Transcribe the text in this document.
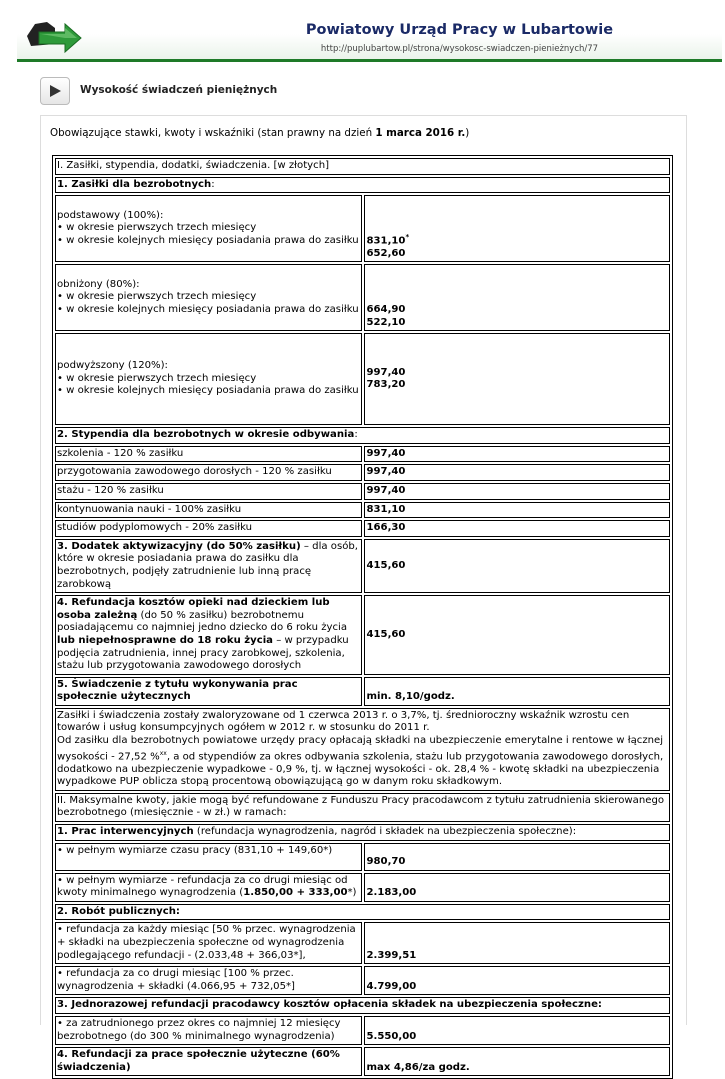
Powiatowy Urząd Pracy w Lubartowie
http://puplubartow.pl/strona/wysokosc-swiadczen-pienieżnych/77
Wysokość świadczeń pieniężnych
Obowiązujące stawki, kwoty i wskaźniki (stan prawny na dzień 1 marca 2016 r.)
I. Zasiłki, stypendia, dodatki, świadczenia. [w złotych]	
1. Zasiłki dla bezrobotnych:	

podstawowy (100%):
• w okresie pierwszych trzech miesięcy
• w okresie kolejnych miesięcy posiadania prawa do zasiłku	831,10*
652,60

obniżony (80%):
• w okresie pierwszych trzech miesięcy
• w okresie kolejnych miesięcy posiadania prawa do zasiłku	664,90
522,10

podwyższony (120%):
• w okresie pierwszych trzech miesięcy
• w okresie kolejnych miesięcy posiadania prawa do zasiłku	997,40
783,20

2. Stypendia dla bezrobotnych w okresie odbywania:	
szkolenia - 120 % zasiłku	997,40
przygotowania zawodowego dorosłych - 120 % zasiłku	997,40
stażu - 120 % zasiłku	997,40
kontynuowania nauki - 100% zasiłku	831,10
studiów podyplomowych - 20% zasiłku	166,30
3. Dodatek aktywizacyjny (do 50% zasiłku) – dla osób, które w okresie posiadania prawa do zasiłku dla bezrobotnych, podjęły zatrudnienie lub inną pracę zarobkową	415,60
4. Refundacja kosztów opieki nad dzieckiem lub osoba zależną (do 50 % zasiłku) bezrobotnemu posiadającemu co najmniej jedno dziecko do 6 roku życia lub niepełnosprawne do 18 roku życia – w przypadku podjęcia zatrudnienia, innej pracy zarobkowej, szkolenia, stażu lub przygotowania zawodowego dorosłych	415,60
5. Świadczenie z tytułu wykonywania prac społecznie użytecznych	min. 8,10/godz.

Zasiłki i świadczenia zostały zwaloryzowane od 1 czerwca 2013 r. o 3,7%, tj. średnioroczny wskaźnik wzrostu cen towarów i usług konsumpcyjnych ogółem w 2012 r. w stosunku do 2011 r.
Od zasiłku dla bezrobotnych powiatowe urzędy pracy opłacają składki na ubezpieczenie emerytalne i rentowe w łącznej wysokości - 27,52 %$^{xx}$, a od stypendiów za okres odbywania szkolenia, stażu lub przygotowania zawodowego dorosłych, dodatkowo na ubezpieczenie wypadkowe - 0,9 %, tj. w łącznej wysokości - ok. 28,4 % - kwotę składki na ubezpieczenia wypadkowe PUP oblicza stopą procentową obowiązującą go w danym roku składkowym.	

II. Maksymalne kwoty, jakie mogą być refundowane z Funduszu Pracy pracodawcom z tytułu zatrudnienia skierowanego bezrobotnego (miesięcznie - w zł.) w ramach:	
1. Prac interwencyjnych (refundacja wynagrodzenia, nagród i składek na ubezpieczenia społeczne):	
• w pełnym wymiarze czasu pracy (831,10 + 149,60*)	980,70
• w pełnym wymiarze - refundacja za co drugi miesiąc od kwoty minimalnego wynagrodzenia (1.850,00 + 333,00*)	2.183,00
2. Robót publicznych:	
• refundacja za każdy miesiąc [50 % przec. wynagrodzenia + składki na ubezpieczenia społeczne od wynagrodzenia podlegającego refundacji - (2.033,48 + 366,03*],	2.399,51
• refundacja za co drugi miesiąc [100 % przec. wynagrodzenia + składki (4.066,95 + 732,05*]	4.799,00
3. Jednorazowej refundacji pracodawcy kosztów opłacenia składek na ubezpieczenia społeczne:	
• za zatrudnionego przez okres co najmniej 12 miesięcy bezrobotnego (do 300 % minimalnego wynagrodzenia)	5.550,00
4. Refundacji za prace społecznie użyteczne (60% świadczenia)	max 4,86/za godz.
